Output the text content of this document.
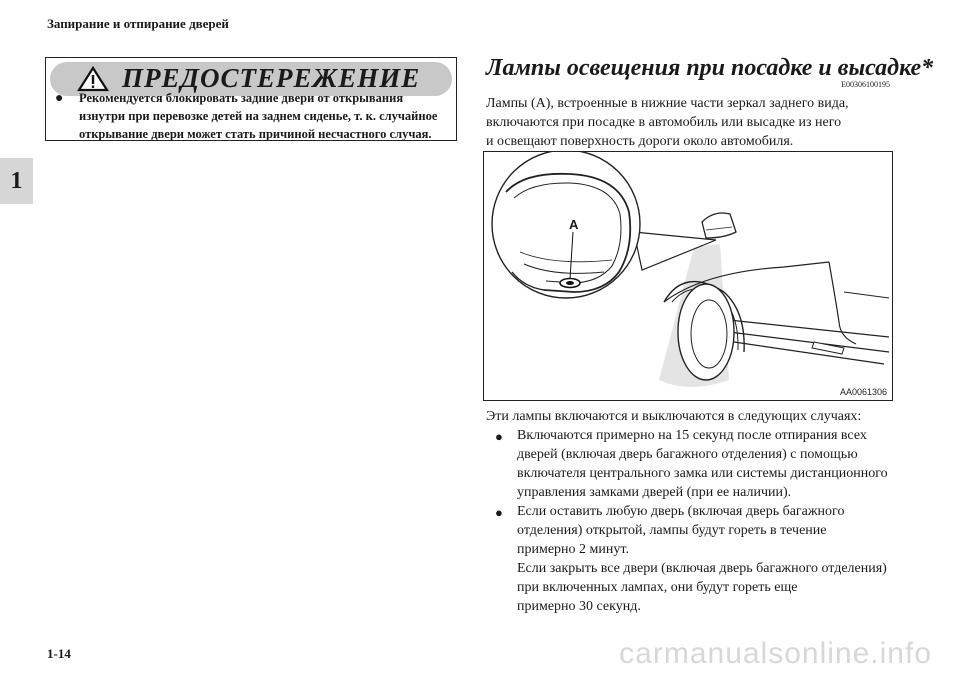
Запирание и отпирание дверей
1
ПРЕДОСТЕРЕЖЕНИЕ
● Рекомендуется блокировать задние двери от открывания
изнутри при перевозке детей на заднем сиденье, т. к. случайное
открывание двери может стать причиной несчастного случая.
Лампы освещения при посадке и высадке*
E00306100195
Лампы (A), встроенные в нижние части зеркал заднего вида,
включаются при посадке в автомобиль или высадке из него
и освещают поверхность дороги около автомобиля.
A
AA0061306
Эти лампы включаются и выключаются в следующих случаях:
● Включаются примерно на 15 секунд после отпирания всех
дверей (включая дверь багажного отделения) с помощью
включателя центрального замка или системы дистанционного
управления замками дверей (при ее наличии).
● Если оставить любую дверь (включая дверь багажного
отделения) открытой, лампы будут гореть в течение
примерно 2 минут.
Если закрыть все двери (включая дверь багажного отделения)
при включенных лампах, они будут гореть еще
примерно 30 секунд.
1-14	carmanualsonline.info
